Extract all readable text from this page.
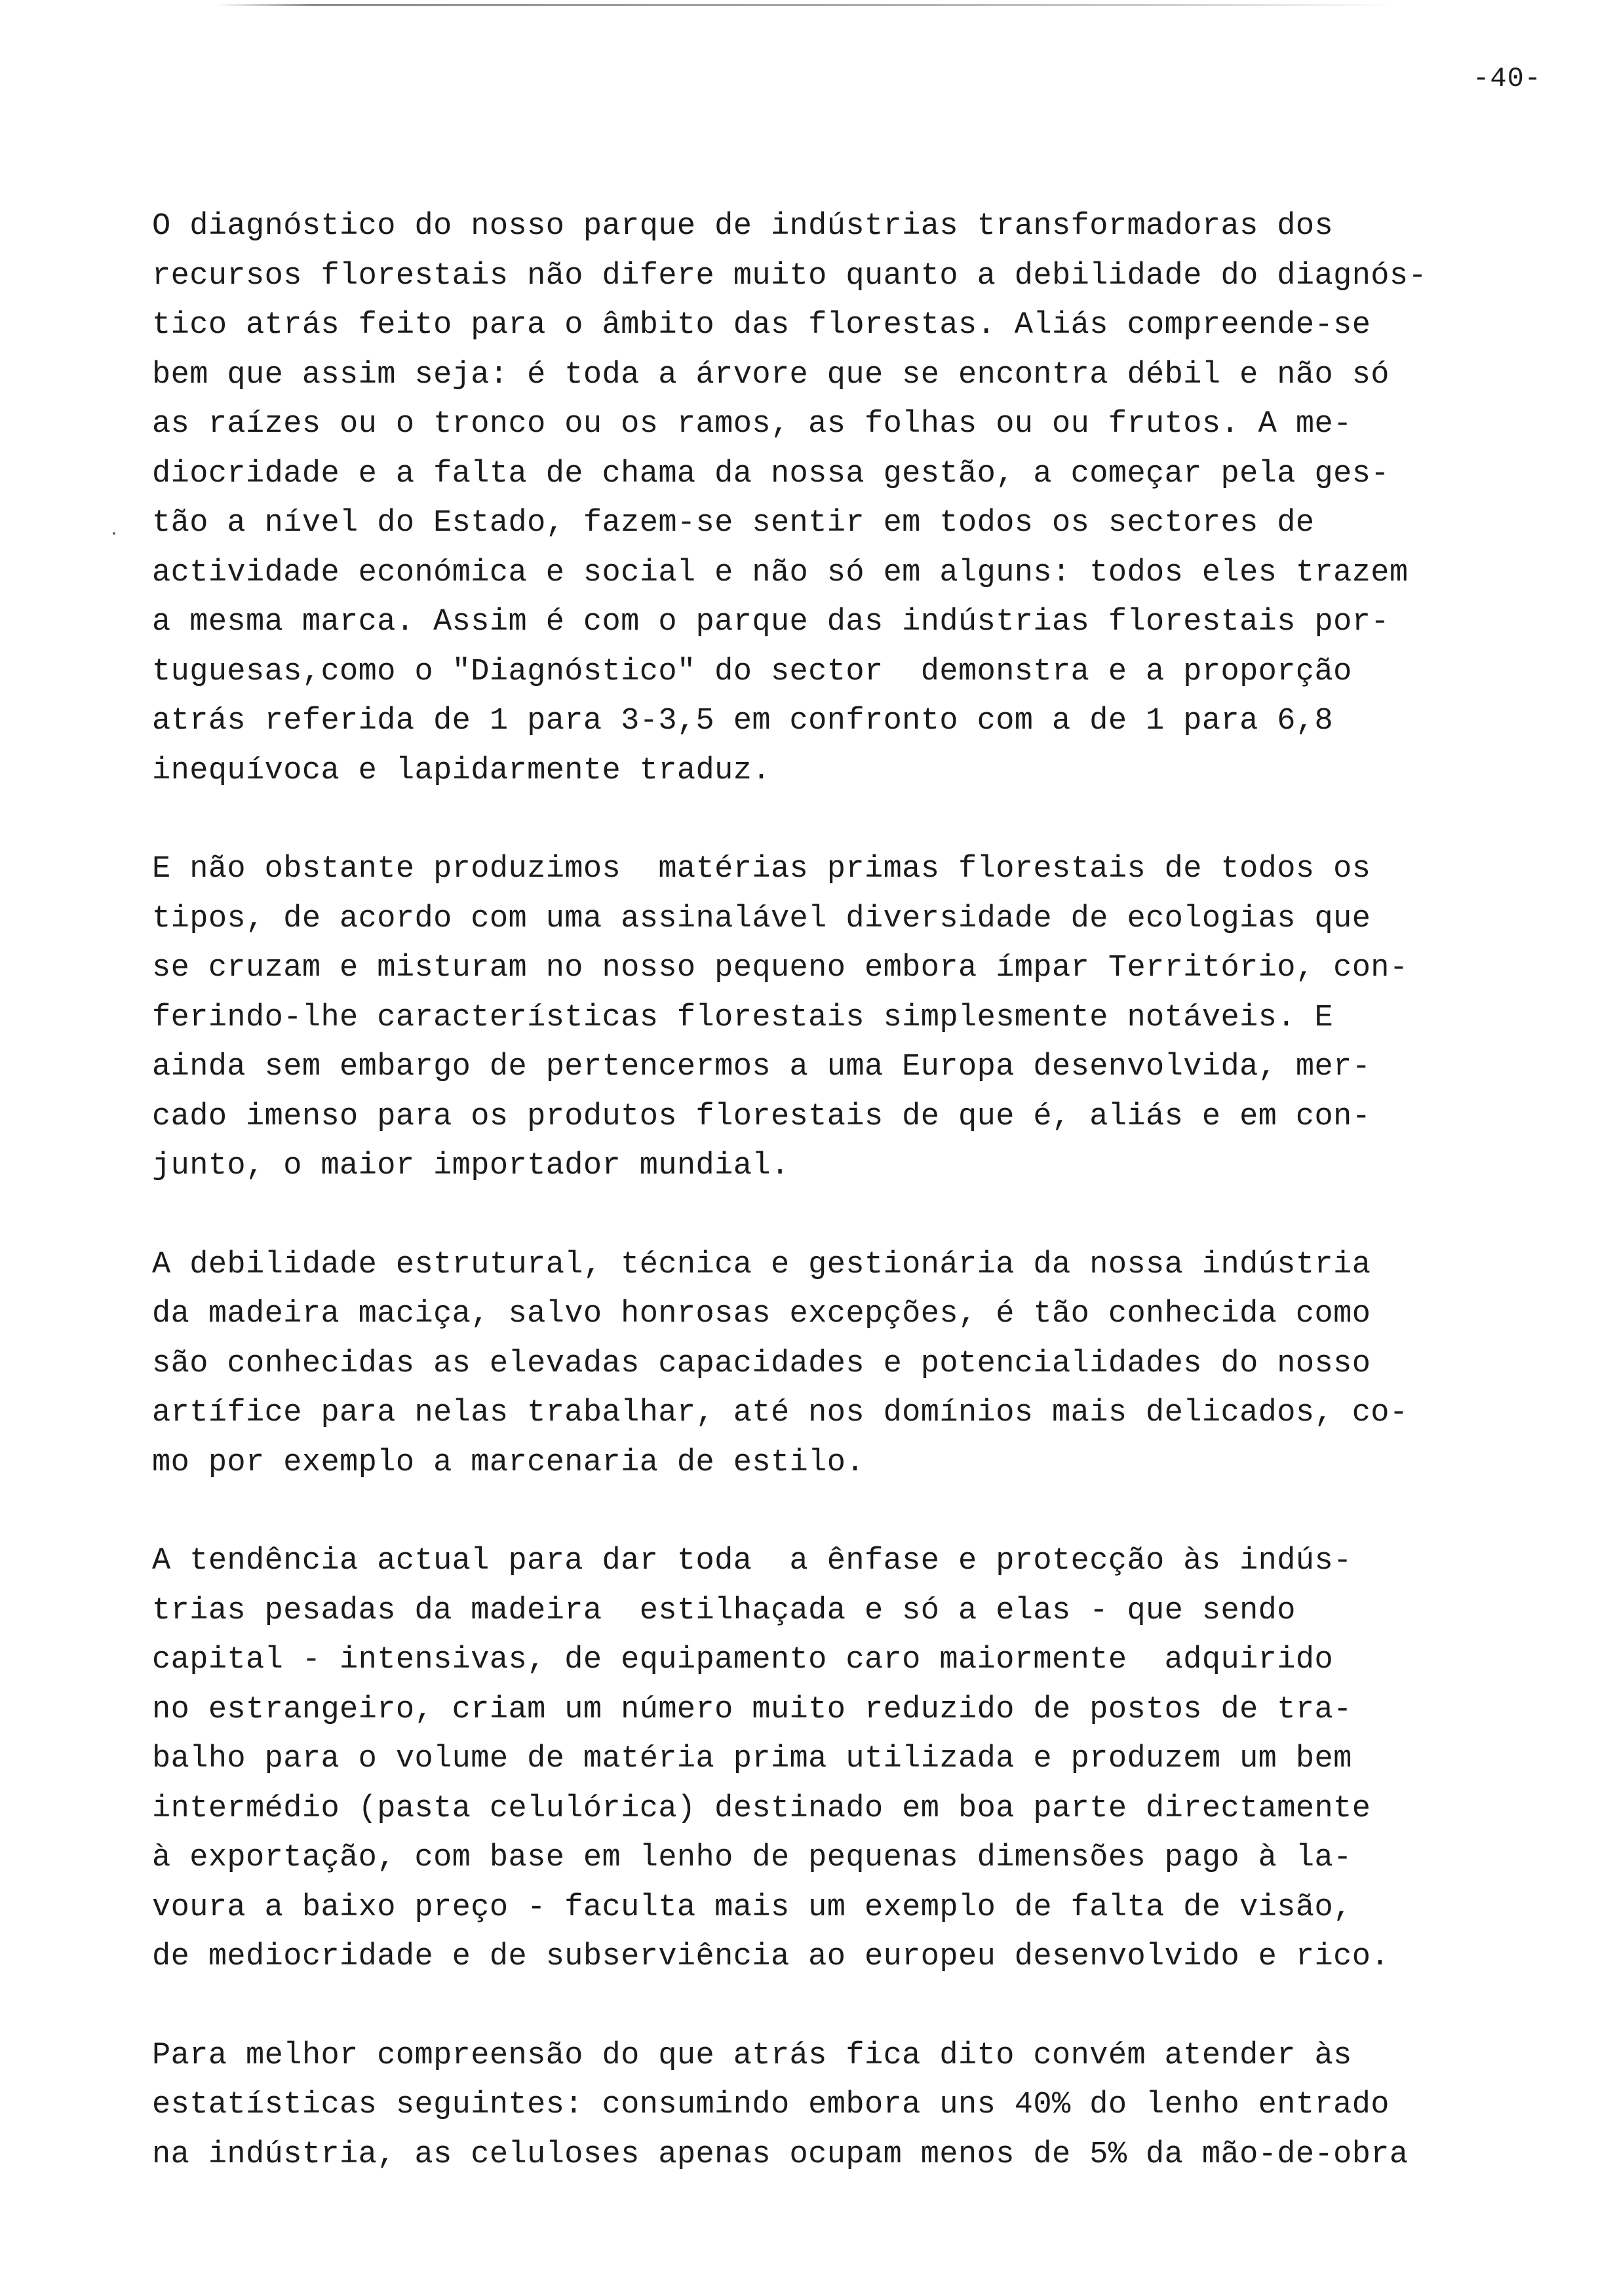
-40-
O diagnóstico do nosso parque de indústrias transformadoras dos
recursos florestais não difere muito quanto a debilidade do diagnós-
tico atrás feito para o âmbito das florestas. Aliás compreende-se
bem que assim seja: é toda a árvore que se encontra débil e não só
as raízes ou o tronco ou os ramos, as folhas ou ou frutos. A me-
diocridade e a falta de chama da nossa gestão, a começar pela ges-
tão a nível do Estado, fazem-se sentir em todos os sectores de
actividade económica e social e não só em alguns: todos eles trazem
a mesma marca. Assim é com o parque das indústrias florestais por-
tuguesas,como o "Diagnóstico" do sector  demonstra e a proporção
atrás referida de 1 para 3-3,5 em confronto com a de 1 para 6,8
inequívoca e lapidarmente traduz.
E não obstante produzimos  matérias primas florestais de todos os
tipos, de acordo com uma assinalável diversidade de ecologias que
se cruzam e misturam no nosso pequeno embora ímpar Território, con-
ferindo-lhe características florestais simplesmente notáveis. E
ainda sem embargo de pertencermos a uma Europa desenvolvida, mer-
cado imenso para os produtos florestais de que é, aliás e em con-
junto, o maior importador mundial.
A debilidade estrutural, técnica e gestionária da nossa indústria
da madeira maciça, salvo honrosas excepções, é tão conhecida como
são conhecidas as elevadas capacidades e potencialidades do nosso
artífice para nelas trabalhar, até nos domínios mais delicados, co-
mo por exemplo a marcenaria de estilo.
A tendência actual para dar toda  a ênfase e protecção às indús-
trias pesadas da madeira  estilhaçada e só a elas - que sendo
capital - intensivas, de equipamento caro maiormente  adquirido
no estrangeiro, criam um número muito reduzido de postos de tra-
balho para o volume de matéria prima utilizada e produzem um bem
intermédio (pasta celulórica) destinado em boa parte directamente
à exportação, com base em lenho de pequenas dimensões pago à la-
voura a baixo preço - faculta mais um exemplo de falta de visão,
de mediocridade e de subserviência ao europeu desenvolvido e rico.
Para melhor compreensão do que atrás fica dito convém atender às
estatísticas seguintes: consumindo embora uns 40% do lenho entrado
na indústria, as celuloses apenas ocupam menos de 5% da mão-de-obra
